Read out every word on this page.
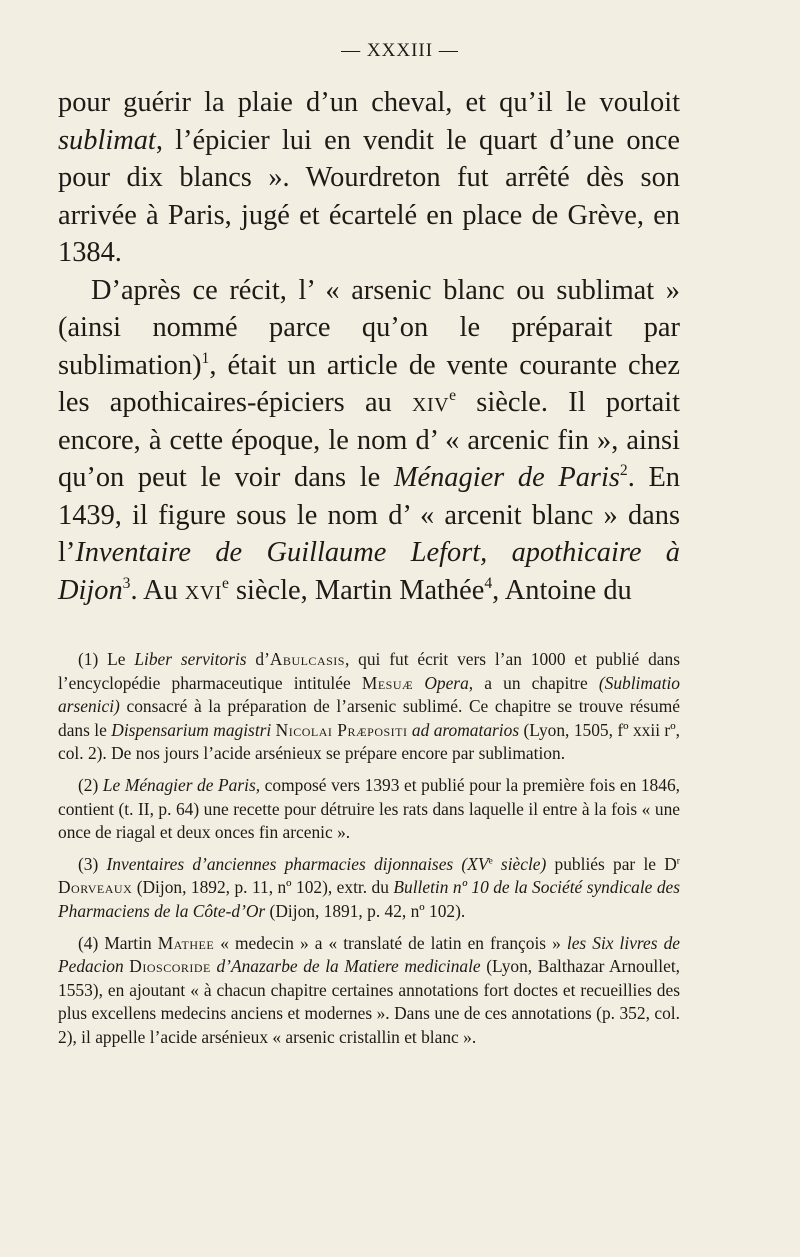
— XXXIII —

pour guérir la plaie d’un cheval, et qu’il le vouloit sublimat, l’épicier lui en vendit le quart d’une once pour dix blancs ». Wourdreton fut arrêté dès son arrivée à Paris, jugé et écartelé en place de Grève, en 1384.

D’après ce récit, l’ « arsenic blanc ou sublimat » (ainsi nommé parce qu’on le préparait par sublimation)$^1$, était un article de vente courante chez les apothicaires-épiciers au xiv$^e$ siècle. Il portait encore, à cette époque, le nom d’ « arcenic fin », ainsi qu’on peut le voir dans le Ménagier de Paris$^2$. En 1439, il figure sous le nom d’ « arcenit blanc » dans l’Inventaire de Guillaume Lefort, apothicaire à Dijon$^3$. Au xvi$^e$ siècle, Martin Mathée$^4$, Antoine du

(1) Le Liber servitoris d’Abulcasis, qui fut écrit vers l’an 1000 et publié dans l’encyclopédie pharmaceutique intitulée Mesuæ Opera, a un chapitre (Sublimatio arsenici) consacré à la préparation de l’arsenic sublimé. Ce chapitre se trouve résumé dans le Dispensarium magistri Nicolai Præpositi ad aromatarios (Lyon, 1505, fº xxii rº, col. 2). De nos jours l’acide arsénieux se prépare encore par sublimation.

(2) Le Ménagier de Paris, composé vers 1393 et publié pour la première fois en 1846, contient (t. II, p. 64) une recette pour détruire les rats dans laquelle il entre à la fois « une once de riagal et deux onces fin arcenic ».

(3) Inventaires d’anciennes pharmacies dijonnaises (XVe siècle) publiés par le $D^r$ Dorveaux (Dijon, 1892, p. 11, nº 102), extr. du Bulletin nº 10 de la Société syndicale des Pharmaciens de la Côte-d’Or (Dijon, 1891, p. 42, nº 102).

(4) Martin Mathee « medecin » a « translaté de latin en françois » les Six livres de Pedacion Dioscoride d’Anazarbe de la Matiere medicinale (Lyon, Balthazar Arnoullet, 1553), en ajoutant « à chacun chapitre certaines annotations fort doctes et recueillies des plus excellens medecins anciens et modernes ». Dans une de ces annotations (p. 352, col. 2), il appelle l’acide arsénieux « arsenic cristallin et blanc ».
